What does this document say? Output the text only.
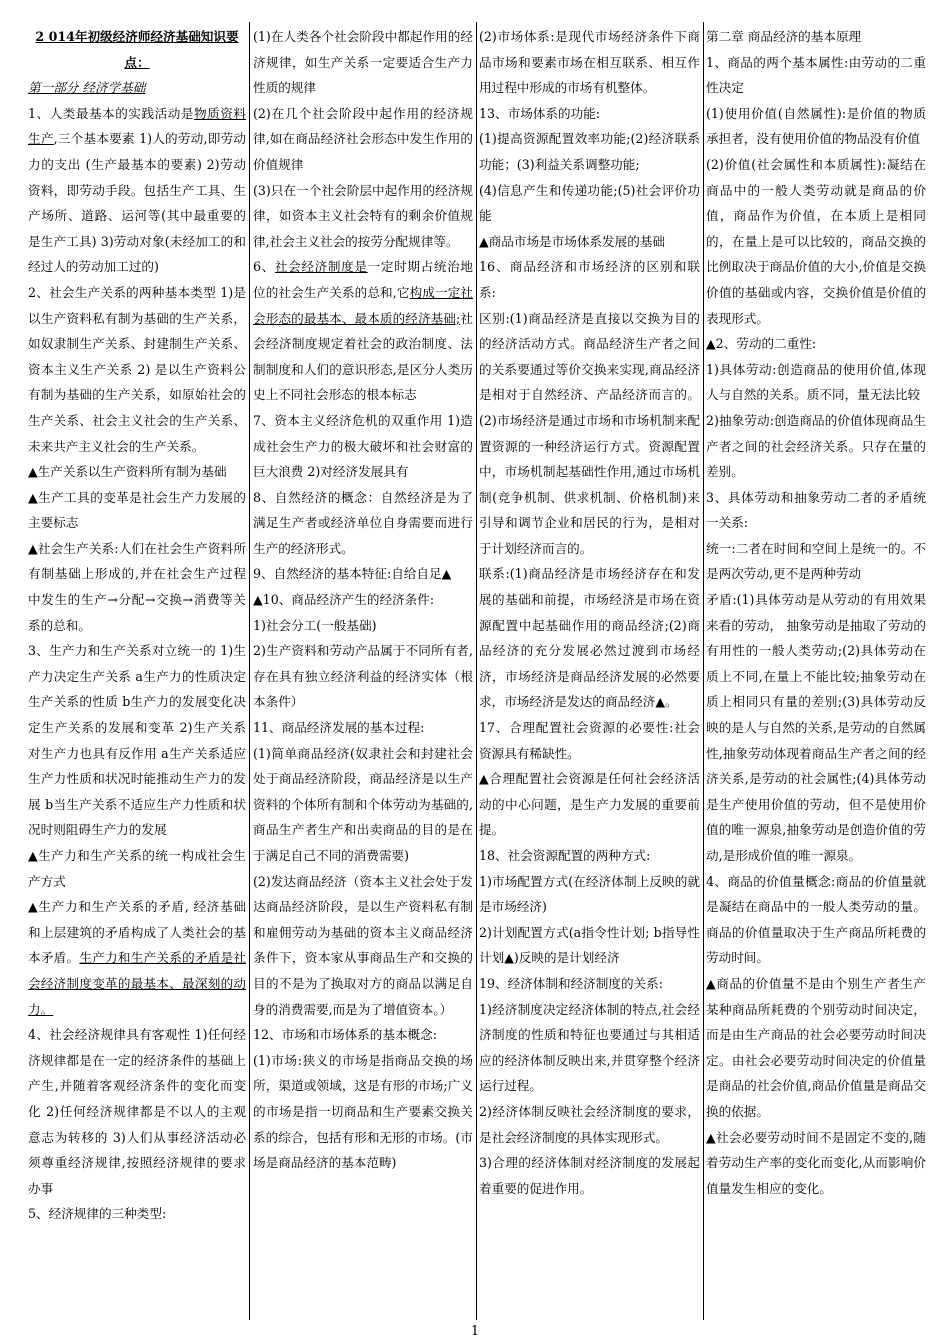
2 014年初级经济师经济基础知识要点：

第一部分 经济学基础

1、人类最基本的实践活动是物质资料生产,三个基本要素 1)人的劳动,即劳动力的支出 (生产最基本的要素) 2)劳动资料，即劳动手段。包括生产工具、生产场所、道路、运河等(其中最重要的是生产工具) 3)劳动对象(未经加工的和经过人的劳动加工过的)

2、社会生产关系的两种基本类型 1)是以生产资料私有制为基础的生产关系，如奴隶制生产关系、封建制生产关系、资本主义生产关系 2) 是以生产资料公有制为基础的生产关系，如原始社会的生产关系、社会主义社会的生产关系、未来共产主义社会的生产关系。

▲生产关系以生产资料所有制为基础

▲生产工具的变革是社会生产力发展的主要标志

▲社会生产关系:人们在社会生产资料所有制基础上形成的,并在社会生产过程中发生的生产→分配→交换→消费等关系的总和。

3、生产力和生产关系对立统一的 1)生产力决定生产关系 a生产力的性质决定生产关系的性质 b生产力的发展变化决定生产关系的发展和变革 2)生产关系对生产力也具有反作用 a生产关系适应生产力性质和状况时能推动生产力的发展 b当生产关系不适应生产力性质和状况时则阻碍生产力的发展

▲生产力和生产关系的统一构成社会生产方式

▲生产力和生产关系的矛盾, 经济基础和上层建筑的矛盾构成了人类社会的基本矛盾。生产力和生产关系的矛盾是社会经济制度变革的最基本、最深刻的动力。

4、社会经济规律具有客观性 1)任何经济规律都是在一定的经济条件的基础上产生,并随着客观经济条件的变化而变化 2)任何经济规律都是不以人的主观意志为转移的 3)人们从事经济活动必须尊重经济规律,按照经济规律的要求办事

5、经济规律的三种类型:

(1)在人类各个社会阶段中都起作用的经济规律，如生产关系一定要适合生产力性质的规律

(2)在几个社会阶段中起作用的经济规律,如在商品经济社会形态中发生作用的价值规律

(3)只在一个社会阶层中起作用的经济规律，如资本主义社会特有的剩余价值规律,社会主义社会的按劳分配规律等。

6、社会经济制度是一定时期占统治地位的社会生产关系的总和,它构成一定社会形态的最基本、最本质的经济基础;社会经济制度规定着社会的政治制度、法制制度和人们的意识形态,是区分人类历史上不同社会形态的根本标志

7、资本主义经济危机的双重作用 1)造成社会生产力的极大破坏和社会财富的巨大浪费 2)对经济发展具有

8、自然经济的概念：自然经济是为了满足生产者或经济单位自身需要而进行生产的经济形式。

9、自然经济的基本特征:自给自足▲

▲10、商品经济产生的经济条件:

1)社会分工(一般基础)

2)生产资料和劳动产品属于不同所有者,存在具有独立经济利益的经济实体（根本条件）

11、商品经济发展的基本过程:

(1)简单商品经济(奴隶社会和封建社会处于商品经济阶段，商品经济是以生产资料的个体所有制和个体劳动为基础的,商品生产者生产和出卖商品的目的是在于满足自己不同的消费需要)

(2)发达商品经济（资本主义社会处于发达商品经济阶段，是以生产资料私有制和雇佣劳动为基础的资本主义商品经济条件下，资本家从事商品生产和交换的目的不是为了换取对方的商品以满足自身的消费需要,而是为了增值资本。）

12、市场和市场体系的基本概念:

(1)市场:狭义的市场是指商品交换的场所，渠道或领域，这是有形的市场;广义的市场是指一切商品和生产要素交换关系的综合，包括有形和无形的市场。(市场是商品经济的基本范畴)

(2)市场体系:是现代市场经济条件下商品市场和要素市场在相互联系、相互作用过程中形成的市场有机整体。

13、市场体系的功能:

(1)提高资源配置效率功能;(2)经济联系功能；(3)利益关系调整功能;

(4)信息产生和传递功能;(5)社会评价功能

▲商品市场是市场体系发展的基础

16、商品经济和市场经济的区别和联系:

区别:(1)商品经济是直接以交换为目的的经济活动方式。商品经济生产者之间的关系要通过等价交换来实现,商品经济是相对于自然经济、产品经济而言的。(2)市场经济是通过市场和市场机制来配置资源的一种经济运行方式。资源配置中，市场机制起基础性作用,通过市场机制(竞争机制、供求机制、价格机制)来引导和调节企业和居民的行为，是相对于计划经济而言的。

联系:(1)商品经济是市场经济存在和发展的基础和前提，市场经济是市场在资源配置中起基础作用的商品经济;(2)商品经济的充分发展必然过渡到市场经济，市场经济是商品经济发展的必然要求，市场经济是发达的商品经济▲。

17、合理配置社会资源的必要性:社会资源具有稀缺性。

▲合理配置社会资源是任何社会经济活动的中心问题，是生产力发展的重要前提。

18、社会资源配置的两种方式:

1)市场配置方式(在经济体制上反映的就是市场经济)

2)计划配置方式(a指令性计划; b指导性计划▲)反映的是计划经济

19、经济体制和经济制度的关系:

1)经济制度决定经济体制的特点,社会经济制度的性质和特征也要通过与其相适应的经济体制反映出来,并贯穿整个经济运行过程。

2)经济体制反映社会经济制度的要求，是社会经济制度的具体实现形式。

3)合理的经济体制对经济制度的发展起着重要的促进作用。

第二章 商品经济的基本原理

1、商品的两个基本属性:由劳动的二重性决定

(1)使用价值(自然属性):是价值的物质承担者，没有使用价值的物品没有价值

(2)价值(社会属性和本质属性):凝结在商品中的一般人类劳动就是商品的价值，商品作为价值，在本质上是相同的，在量上是可以比较的，商品交换的比例取决于商品价值的大小,价值是交换价值的基础或内容，交换价值是价值的表现形式。

▲2、劳动的二重性:

1)具体劳动:创造商品的使用价值,体现人与自然的关系。质不同，量无法比较

2)抽象劳动:创造商品的价值体现商品生产者之间的社会经济关系。只存在量的差别。

3、具体劳动和抽象劳动二者的矛盾统一关系:

统一:二者在时间和空间上是统一的。不是两次劳动,更不是两种劳动

矛盾:(1)具体劳动是从劳动的有用效果来看的劳动， 抽象劳动是抽取了劳动的有用性的一般人类劳动;(2)具体劳动在质上不同,在量上不能比较;抽象劳动在质上相同只有量的差别;(3)具体劳动反映的是人与自然的关系,是劳动的自然属性,抽象劳动体现着商品生产者之间的经济关系,是劳动的社会属性;(4)具体劳动是生产使用价值的劳动，但不是使用价值的唯一源泉,抽象劳动是创造价值的劳动,是形成价值的唯一源泉。

4、商品的价值量概念:商品的价值量就是凝结在商品中的一般人类劳动的量。商品的价值量取决于生产商品所耗费的劳动时间。

▲商品的价值量不是由个别生产者生产某种商品所耗费的个别劳动时间决定，而是由生产商品的社会必要劳动时间决定。由社会必要劳动时间决定的价值量是商品的社会价值,商品价值量是商品交换的依据。

▲社会必要劳动时间不是固定不变的,随着劳动生产率的变化而变化,从而影响价值量发生相应的变化。

1
